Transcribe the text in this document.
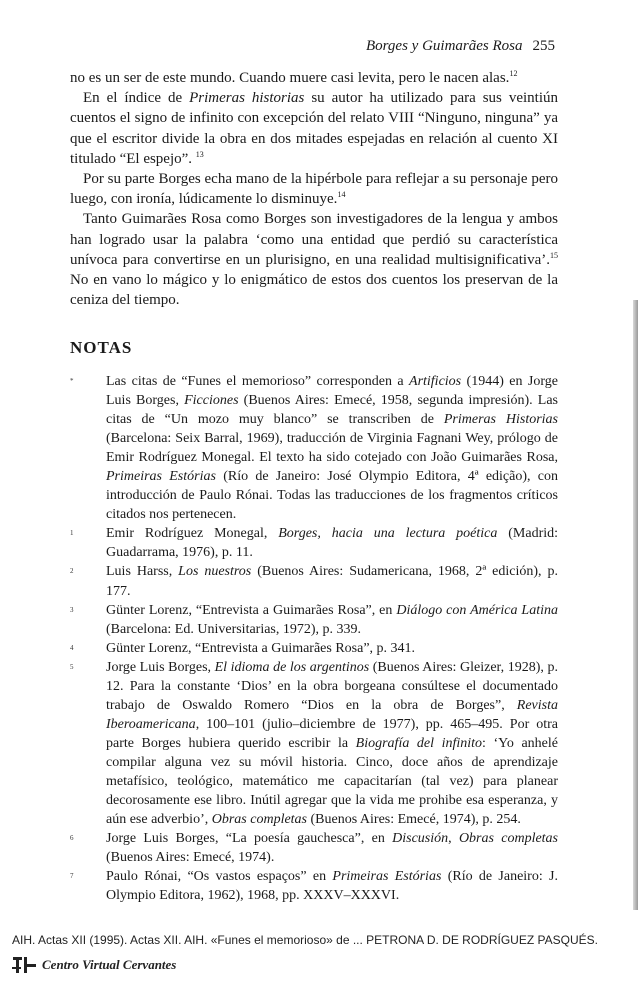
Borges y Guimarães Rosa 255

no es un ser de este mundo. Cuando muere casi levita, pero le nacen alas.$^{12}$

En el índice de Primeras historias su autor ha utilizado para sus veintiún cuentos el signo de infinito con excepción del relato VIII “Ninguno, ninguna” ya que el escritor divide la obra en dos mitades espejadas en relación al cuento XI titulado “El espejo”. $^{13}$

Por su parte Borges echa mano de la hipérbole para reflejar a su personaje pero luego, con ironía, lúdicamente lo disminuye.$^{14}$

Tanto Guimarães Rosa como Borges son investigadores de la lengua y ambos han logrado usar la palabra ‘como una entidad que perdió su característica unívoca para convertirse en un plurisigno, en una realidad multisignificativa’.$^{15}$ No en vano lo mágico y lo enigmático de estos dos cuentos los preservan de la ceniza del tiempo.

NOTAS
*	Las citas de “Funes el memorioso” corresponden a Artificios (1944) en Jorge Luis Borges, Ficciones (Buenos Aires: Emecé, 1958, segunda impresión). Las citas de “Un mozo muy blanco” se transcriben de Primeras Historias (Barcelona: Seix Barral, 1969), traducción de Virginia Fagnani Wey, prólogo de Emir Rodríguez Monegal. El texto ha sido cotejado con João Guimarães Rosa, Primeiras Estórias (Río de Janeiro: José Olympio Editora, 4ª edição), con introducción de Paulo Rónai. Todas las traducciones de los fragmentos críticos citados nos pertenecen.
1	Emir Rodríguez Monegal, Borges, hacia una lectura poética (Madrid: Guadarrama, 1976), p. 11.
2	Luis Harss, Los nuestros (Buenos Aires: Sudamericana, 1968, 2ª edición), p. 177.
3	Günter Lorenz, “Entrevista a Guimarães Rosa”, en Diálogo con América Latina (Barcelona: Ed. Universitarias, 1972), p. 339.
4	Günter Lorenz, “Entrevista a Guimarães Rosa”, p. 341.
5	Jorge Luis Borges, El idioma de los argentinos (Buenos Aires: Gleizer, 1928), p. 12. Para la constante ‘Dios’ en la obra borgeana consúltese el documentado trabajo de Oswaldo Romero “Dios en la obra de Borges”, Revista Iberoamericana, 100–101 (julio–diciembre de 1977), pp. 465–495. Por otra parte Borges hubiera querido escribir la Biografía del infinito: ‘Yo anhelé compilar alguna vez su móvil historia. Cinco, doce años de aprendizaje metafísico, teológico, matemático me capacitarían (tal vez) para planear decorosamente ese libro. Inútil agregar que la vida me prohibe esa esperanza, y aún ese adverbio’, Obras completas (Buenos Aires: Emecé, 1974), p. 254.
6	Jorge Luis Borges, “La poesía gauchesca”, en Discusión, Obras completas (Buenos Aires: Emecé, 1974).
7	Paulo Rónai, “Os vastos espaços” en Primeiras Estórias (Río de Janeiro: J. Olympio Editora, 1962), 1968, pp. XXXV–XXXVI.
AIH. Actas XII (1995). Actas XII. AIH. «Funes el memorioso» de ... PETRONA D. DE RODRÍGUEZ PASQUÉS.
Centro Virtual Cervantes
